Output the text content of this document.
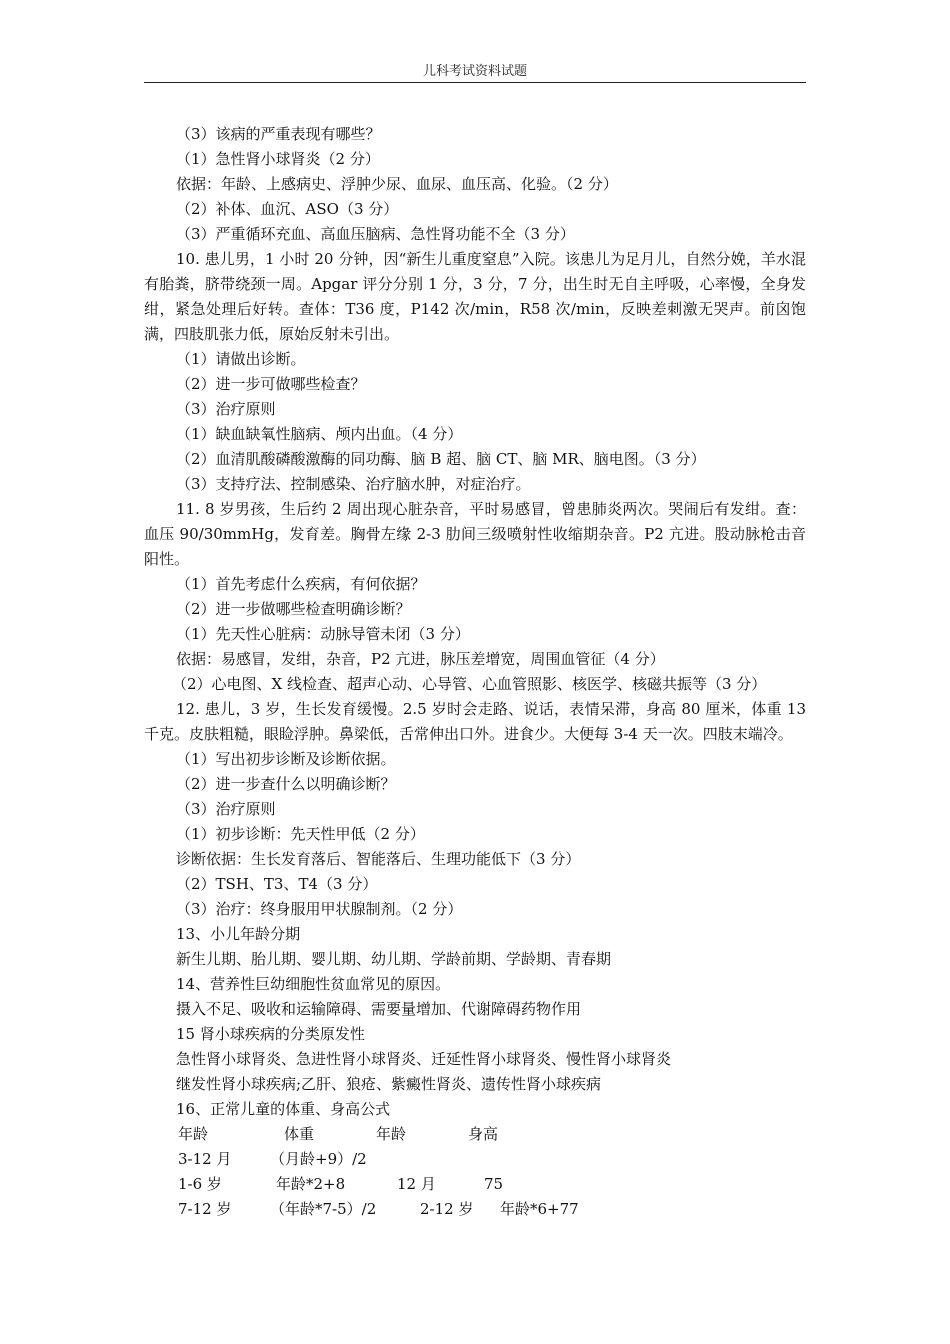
儿科考试资料试题
（3）该病的严重表现有哪些？
（1）急性肾小球肾炎（2 分）
依据：年龄、上感病史、浮肿少尿、血尿、血压高、化验。（2 分）
（2）补体、血沉、ASO（3 分）
（3）严重循环充血、高血压脑病、急性肾功能不全（3 分）
10. 患儿男，1 小时 20 分钟，因“新生儿重度窒息”入院。该患儿为足月儿，自然分娩，羊水混有胎粪，脐带绕颈一周。Apgar 评分分别 1 分，3 分，7 分，出生时无自主呼吸，心率慢，全身发绀，紧急处理后好转。查体：T36 度，P142 次/min，R58 次/min，反映差刺激无哭声。前囟饱满，四肢肌张力低，原始反射未引出。
（1）请做出诊断。
（2）进一步可做哪些检查？
（3）治疗原则
（1）缺血缺氧性脑病、颅内出血。（4 分）
（2）血清肌酸磷酸激酶的同功酶、脑 B 超、脑 CT、脑 MR、脑电图。（3 分）
（3）支持疗法、控制感染、治疗脑水肿，对症治疗。
11. 8 岁男孩，生后约 2 周出现心脏杂音，平时易感冒，曾患肺炎两次。哭闹后有发绀。查：血压 90/30mmHg，发育差。胸骨左缘 2-3 肋间三级喷射性收缩期杂音。P2 亢进。股动脉枪击音阳性。
（1）首先考虑什么疾病，有何依据？
（2）进一步做哪些检查明确诊断？
（1）先天性心脏病：动脉导管未闭（3 分）
依据：易感冒，发绀，杂音，P2 亢进，脉压差增宽，周围血管征（4 分）
（2）心电图、X 线检查、超声心动、心导管、心血管照影、核医学、核磁共振等（3 分）
12. 患儿，3 岁，生长发育缓慢。2.5 岁时会走路、说话，表情呆滞，身高 80 厘米，体重 13 千克。皮肤粗糙，眼睑浮肿。鼻梁低，舌常伸出口外。进食少。大便每 3-4 天一次。四肢末端冷。
（1）写出初步诊断及诊断依据。
（2）进一步查什么以明确诊断？
（3）治疗原则
（1）初步诊断：先天性甲低（2 分）
诊断依据：生长发育落后、智能落后、生理功能低下（3 分）
（2）TSH、T3、T4（3 分）
（3）治疗：终身服用甲状腺制剂。（2 分）
13、小儿年龄分期
新生儿期、胎儿期、婴儿期、幼儿期、学龄前期、学龄期、青春期
14、营养性巨幼细胞性贫血常见的原因。
摄入不足、吸收和运输障碍、需要量增加、代谢障碍药物作用
15 肾小球疾病的分类原发性
急性肾小球肾炎、急进性肾小球肾炎、迁延性肾小球肾炎、慢性肾小球肾炎
继发性肾小球疾病;乙肝、狼疮、紫癜性肾炎、遗传性肾小球疾病
16、正常儿童的体重、身高公式
年龄	体重	年龄	身高
3-12 月	（月龄+9）/2
1-6 岁	年龄*2+8	12 月	75
7-12 岁	（年龄*7-5）/2	2-12 岁 年龄*6+77
